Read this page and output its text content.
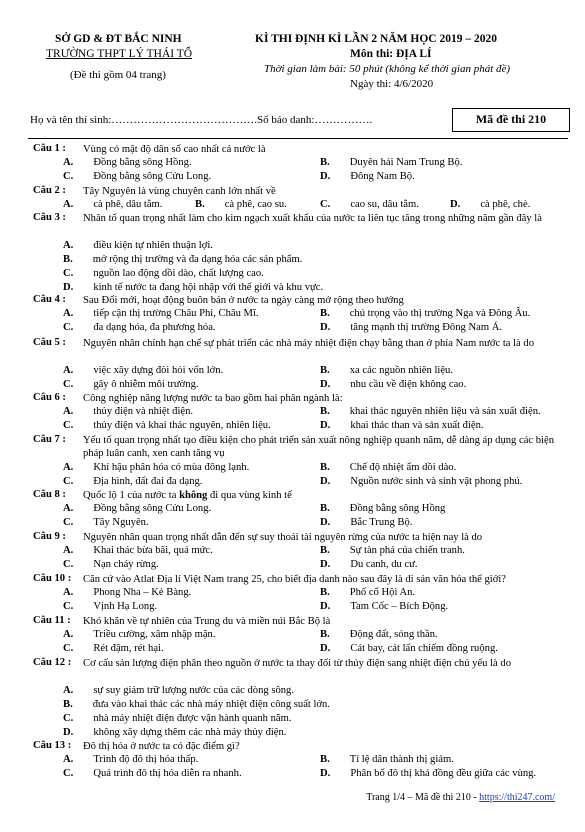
SỞ GD & ĐT BẮC NINH
TRƯỜNG THPT LÝ THÁI TỔ
(Đề thi gồm 04 trang)
KÌ THI ĐỊNH KÌ LẦN 2 NĂM HỌC 2019 – 2020
Môn thi: ĐỊA LÍ
Thời gian làm bài: 50 phút (không kể thời gian phát đề)
Ngày thi: 4/6/2020
Họ và tên thí sinh:………………………………….Số báo danh:…………….	Mã đề thi 210
Câu 1 : Vùng có mật độ dân số cao nhất cả nước là
A. Đồng bằng sông Hồng.	B. Duyên hải Nam Trung Bộ.
C. Đồng bằng sông Cửu Long.	D. Đông Nam Bộ.
Câu 2 : Tây Nguyên là vùng chuyên canh lớn nhất về
A. cà phê, dâu tằm.	B. cà phê, cao su.	C. cao su, dâu tằm.	D. cà phê, chè.
Câu 3 : Nhân tố quan trọng nhất làm cho kim ngạch xuất khẩu của nước ta liên tục tăng trong những năm gần đây là
A. điều kiện tự nhiên thuận lợi.
B. mở rộng thị trường và đa dạng hóa các sản phẩm.
C. nguồn lao động dồi dào, chất lượng cao.
D. kinh tế nước ta đang hội nhập với thế giới và khu vực.
Câu 4 : Sau Đổi mới, hoạt động buôn bán ở nước ta ngày càng mở rộng theo hướng
A. tiếp cận thị trường Châu Phi, Châu Mĩ.	B. chú trọng vào thị trường Nga và Đông Âu.
C. đa dạng hóa, đa phương hóa.	D. tăng mạnh thị trường Đông Nam Á.
Câu 5 : Nguyên nhân chính hạn chế sự phát triển các nhà máy nhiệt điện chạy bằng than ở phía Nam nước ta là do
A. việc xây dựng đòi hỏi vốn lớn.	B. xa các nguồn nhiên liệu.
C. gây ô nhiễm môi trường.	D. nhu cầu về điện không cao.
Câu 6 : Công nghiệp năng lượng nước ta bao gồm hai phân ngành là:
A. thủy điện và nhiệt điện.	B. khai thác nguyên nhiên liệu và sản xuất điện.
C. thủy điện và khai thác nguyên, nhiên liệu.	D. khai thác than và sản xuất điện.
Câu 7 : Yếu tố quan trọng nhất tạo điều kiện cho phát triển sản xuất nông nghiệp quanh năm, dễ dàng áp dụng các biện pháp luân canh, xen canh tăng vụ
A. Khí hậu phân hóa có mùa đông lạnh.	B. Chế độ nhiệt ẩm dồi dào.
C. Địa hình, đất đai đa dạng.	D. Nguồn nước sinh và sinh vật phong phú.
Câu 8 : Quốc lộ 1 của nước ta không đi qua vùng kinh tế
A. Đồng bằng sông Cửu Long.	B. Đồng bằng sông Hồng
C. Tây Nguyên.	D. Bắc Trung Bộ.
Câu 9 : Nguyên nhân quan trọng nhất dẫn đến sự suy thoái tài nguyên rừng của nước ta hiện nay là do
A. Khai thác bừa bãi, quá mức.	B. Sự tàn phá của chiến tranh.
C. Nạn cháy rừng.	D. Du canh, du cư.
Câu 10 : Căn cứ vào Atlat Địa lí Việt Nam trang 25, cho biết địa danh nào sau đây là di sản văn hóa thế giới?
A. Phong Nha – Kẻ Bàng.	B. Phố cổ Hội An.
C. Vịnh Hạ Long.	D. Tam Cốc – Bích Động.
Câu 11 : Khó khăn về tự nhiên của Trung du và miền núi Bắc Bộ là
A. Triều cường, xâm nhập mặn.	B. Động đất, sóng thần.
C. Rét đậm, rét hại.	D. Cát bay, cát lấn chiếm đồng ruộng.
Câu 12 : Cơ cấu sản lượng điện phân theo nguồn ở nước ta thay đổi từ thủy điện sang nhiệt điện chủ yếu là do
A. sự suy giảm trữ lượng nước của các dòng sông.
B. đưa vào khai thác các nhà máy nhiệt điện công suất lớn.
C. nhà máy nhiệt điện được vận hành quanh năm.
D. không xây dựng thêm các nhà máy thủy điện.
Câu 13 : Đô thị hóa ở nước ta có đặc điểm gì?
A. Trình độ đô thị hóa thấp.	B. Tỉ lệ dân thành thị giảm.
C. Quá trình đô thị hóa diễn ra nhanh.	D. Phân bố đô thị khá đồng đều giữa các vùng.
Trang 1/4 – Mã đề thi 210 - https://thi247.com/
